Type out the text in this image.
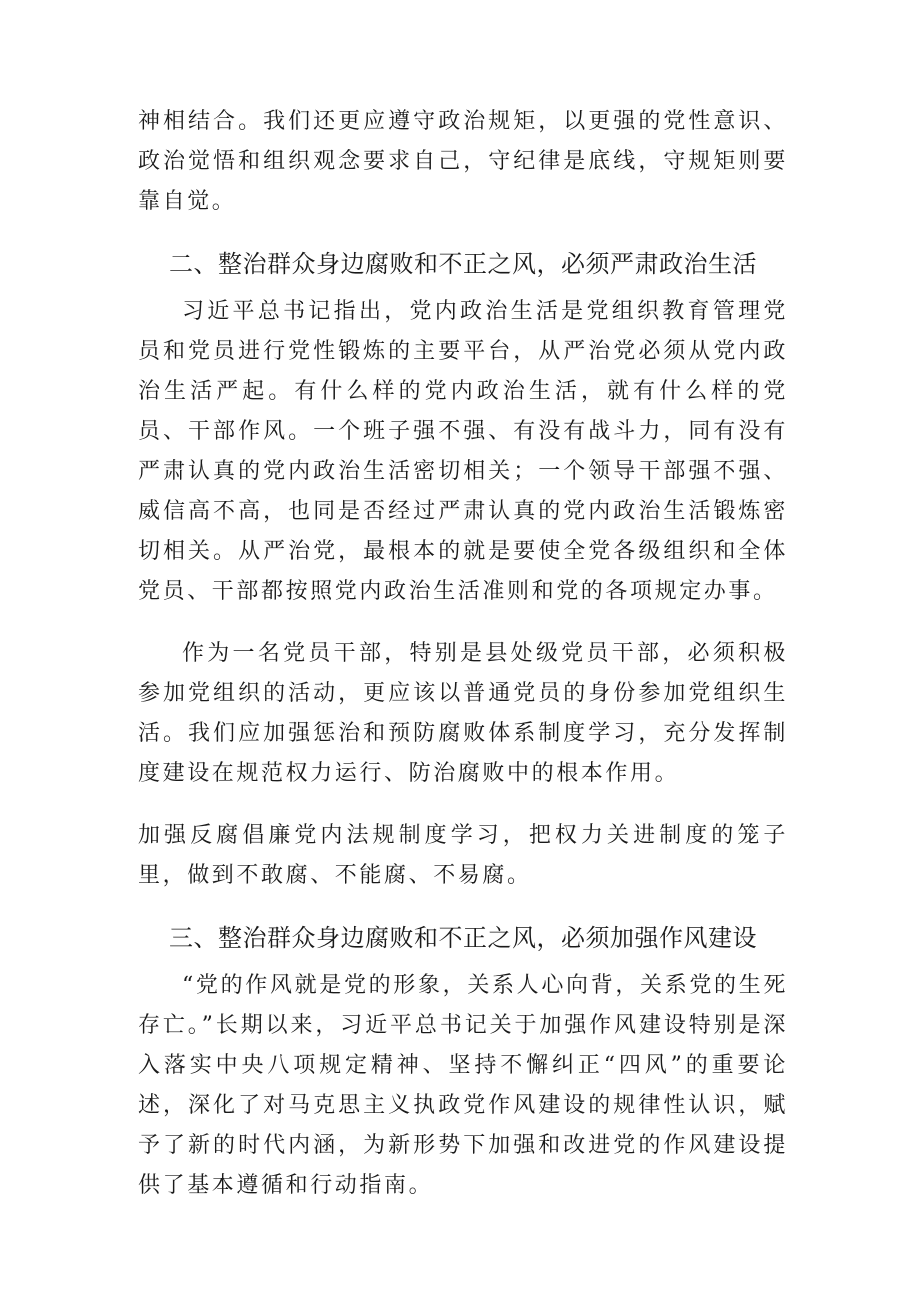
神相结合。我们还更应遵守政治规矩，以更强的党性意识、政治觉悟和组织观念要求自己，守纪律是底线，守规矩则要靠自觉。

二、整治群众身边腐败和不正之风，必须严肃政治生活

习近平总书记指出，党内政治生活是党组织教育管理党员和党员进行党性锻炼的主要平台，从严治党必须从党内政治生活严起。有什么样的党内政治生活，就有什么样的党员、干部作风。一个班子强不强、有没有战斗力，同有没有严肃认真的党内政治生活密切相关；一个领导干部强不强、威信高不高，也同是否经过严肃认真的党内政治生活锻炼密切相关。从严治党，最根本的就是要使全党各级组织和全体党员、干部都按照党内政治生活准则和党的各项规定办事。

作为一名党员干部，特别是县处级党员干部，必须积极参加党组织的活动，更应该以普通党员的身份参加党组织生活。我们应加强惩治和预防腐败体系制度学习，充分发挥制度建设在规范权力运行、防治腐败中的根本作用。

加强反腐倡廉党内法规制度学习，把权力关进制度的笼子里，做到不敢腐、不能腐、不易腐。

三、整治群众身边腐败和不正之风，必须加强作风建设

“党的作风就是党的形象，关系人心向背，关系党的生死存亡。”长期以来，习近平总书记关于加强作风建设特别是深入落实中央八项规定精神、坚持不懈纠正“四风”的重要论述，深化了对马克思主义执政党作风建设的规律性认识，赋予了新的时代内涵，为新形势下加强和改进党的作风建设提供了基本遵循和行动指南。
